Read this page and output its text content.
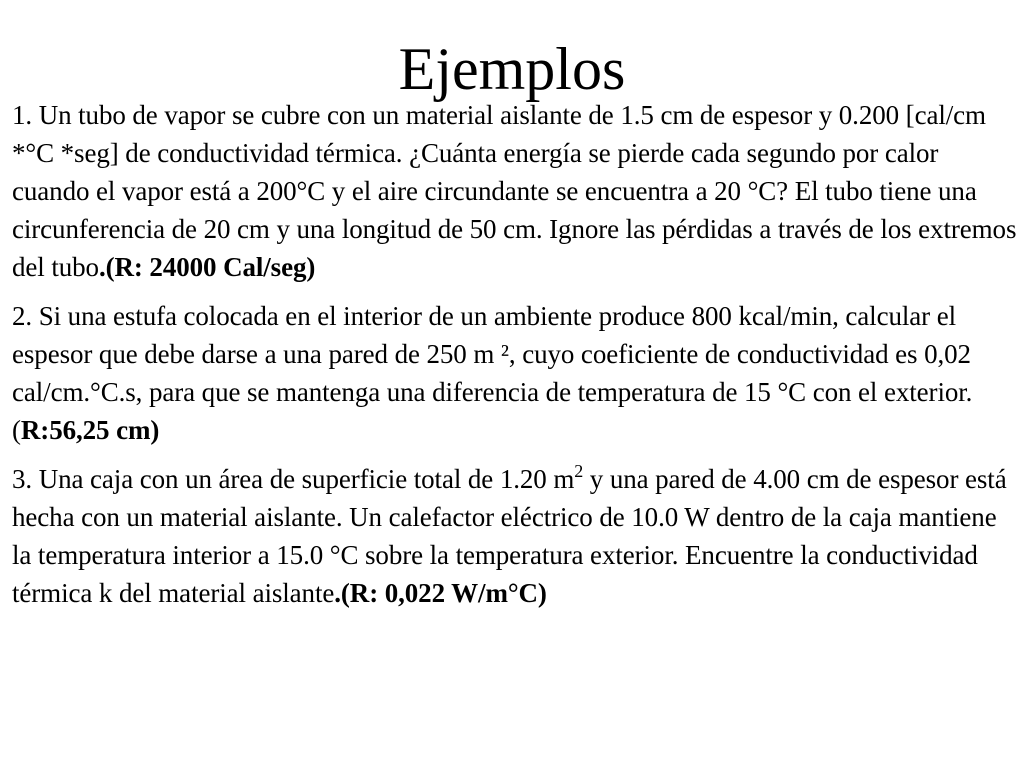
Ejemplos

1. Un tubo de vapor se cubre con un material aislante de 1.5 cm de espesor y 0.200 [cal/cm *°C *seg] de conductividad térmica. ¿Cuánta energía se pierde cada segundo por calor cuando el vapor está a 200°C y el aire circundante se encuentra a 20 °C? El tubo tiene una circunferencia de 20 cm y una longitud de 50 cm. Ignore las pérdidas a través de los extremos del tubo.(R: 24000 Cal/seg)

2. Si una estufa colocada en el interior de un ambiente produce 800 kcal/min, calcular el espesor que debe darse a una pared de 250 m ², cuyo coeficiente de conductividad es 0,02 cal/cm.°C.s, para que se mantenga una diferencia de temperatura de 15 °C con el exterior.(R:56,25 cm)

3. Una caja con un área de superficie total de 1.20 $m^2$ y una pared de 4.00 cm de espesor está hecha con un material aislante. Un calefactor eléctrico de 10.0 W dentro de la caja mantiene la temperatura interior a 15.0 °C sobre la temperatura exterior. Encuentre la conductividad térmica k del material aislante.(R: 0,022 W/m°C)
